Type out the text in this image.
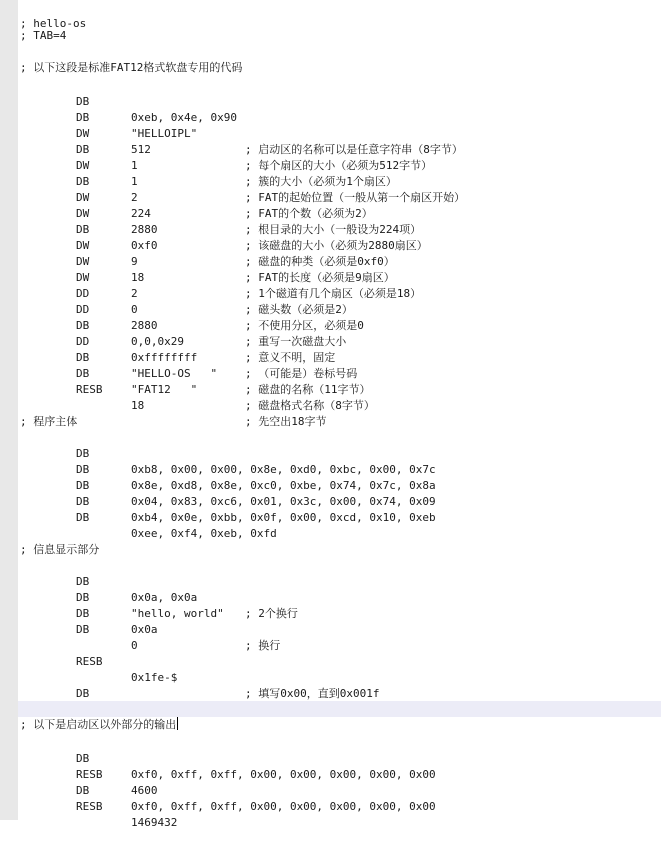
; hello-os

; TAB=4

; 以下这段是标准FAT12格式软盘专用的代码

DB

0xeb, 0x4e, 0x90

DB

"HELLOIPL"

; 启动区的名称可以是任意字符串（8字节）

DW

512

; 每个扇区的大小（必须为512字节）

DB

1

; 簇的大小（必须为1个扇区）

DW

1

; FAT的起始位置（一般从第一个扇区开始）

DB

2

; FAT的个数（必须为2）

DW

224

; 根目录的大小（一般设为224项）

DW

2880

; 该磁盘的大小（必须为2880扇区）

DB

0xf0

; 磁盘的种类（必须是0xf0）

DW

9

; FAT的长度（必须是9扇区）

DW

18

; 1个磁道有几个扇区（必须是18）

DW

2

; 磁头数（必须是2）

DD

0

; 不使用分区，必须是0

DD

2880

; 重写一次磁盘大小

DB

0,0,0x29

; 意义不明，固定

DD

0xffffffff

; （可能是）卷标号码

DB

"HELLO-OS   "

; 磁盘的名称（11字节）

DB

"FAT12   "

; 磁盘格式名称（8字节）

RESB

18

; 先空出18字节

; 程序主体

DB

0xb8, 0x00, 0x00, 0x8e, 0xd0, 0xbc, 0x00, 0x7c

DB

0x8e, 0xd8, 0x8e, 0xc0, 0xbe, 0x74, 0x7c, 0x8a

DB

0x04, 0x83, 0xc6, 0x01, 0x3c, 0x00, 0x74, 0x09

DB

0xb4, 0x0e, 0xbb, 0x0f, 0x00, 0xcd, 0x10, 0xeb

DB

0xee, 0xf4, 0xeb, 0xfd

; 信息显示部分

DB

0x0a, 0x0a

; 2个换行

DB

"hello, world"

DB

0x0a

; 换行

DB

0

RESB

0x1fe-$

; 填写0x00，直到0x001f

DB

; 以下是启动区以外部分的输出

DB

0xf0, 0xff, 0xff, 0x00, 0x00, 0x00, 0x00, 0x00

RESB

4600

DB

0xf0, 0xff, 0xff, 0x00, 0x00, 0x00, 0x00, 0x00

RESB

1469432
